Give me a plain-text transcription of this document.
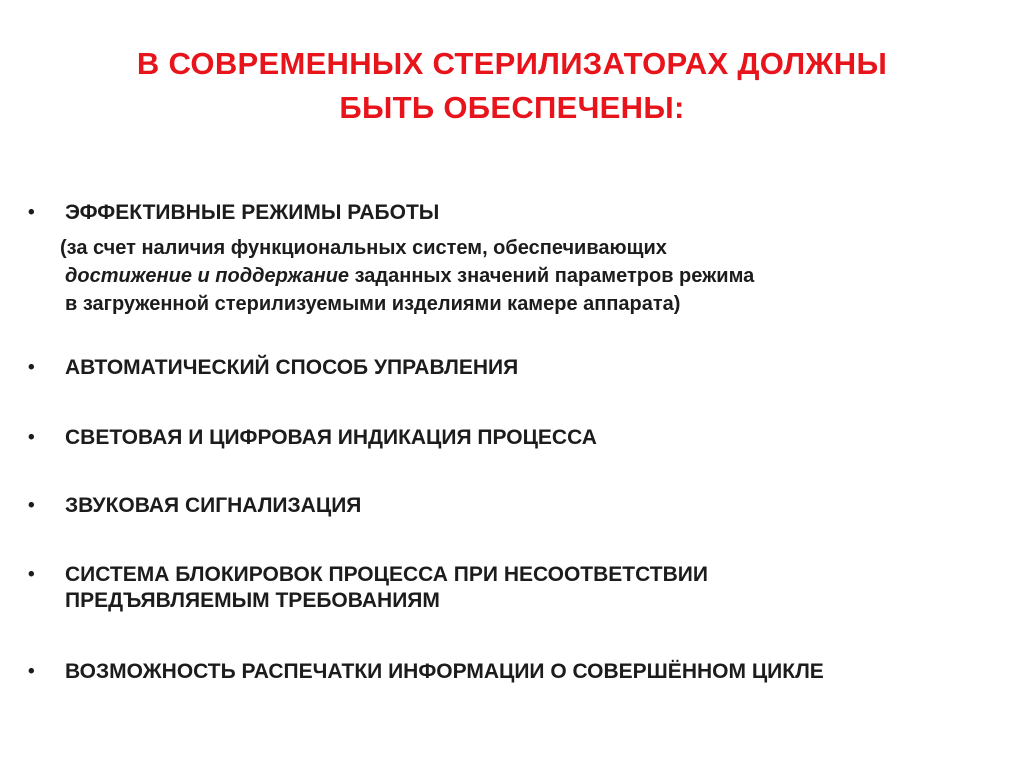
В СОВРЕМЕННЫХ СТЕРИЛИЗАТОРАХ ДОЛЖНЫ
БЫТЬ ОБЕСПЕЧЕНЫ:
•	ЭФФЕКТИВНЫЕ РЕЖИМЫ РАБОТЫ
(за счет наличия функциональных систем, обеспечивающих
достижение и поддержание заданных значений параметров режима
в загруженной стерилизуемыми изделиями камере аппарата)
•	АВТОМАТИЧЕСКИЙ СПОСОБ УПРАВЛЕНИЯ
•	СВЕТОВАЯ И ЦИФРОВАЯ ИНДИКАЦИЯ ПРОЦЕССА
•	ЗВУКОВАЯ СИГНАЛИЗАЦИЯ
•	СИСТЕМА БЛОКИРОВОК ПРОЦЕССА ПРИ НЕСООТВЕТСТВИИ
ПРЕДЪЯВЛЯЕМЫМ ТРЕБОВАНИЯМ
•	ВОЗМОЖНОСТЬ РАСПЕЧАТКИ ИНФОРМАЦИИ О СОВЕРШЁННОМ ЦИКЛЕ
